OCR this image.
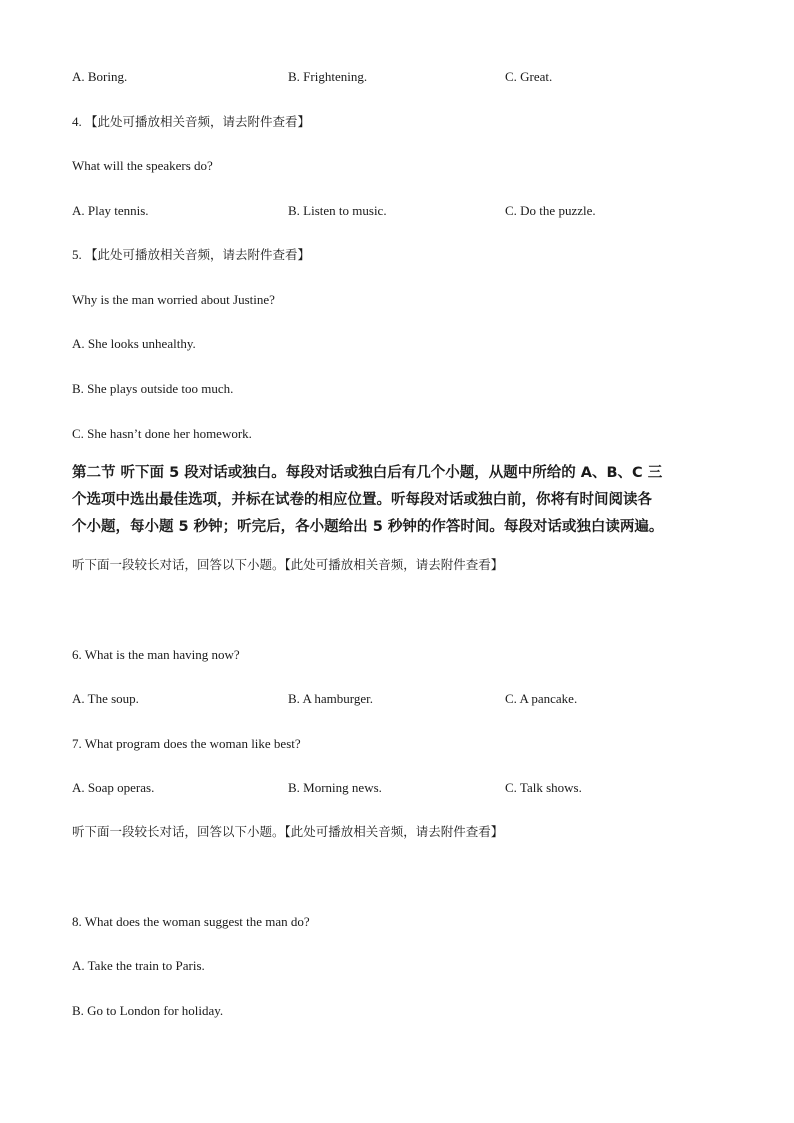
A. Boring.	B. Frightening.	C. Great.
4. 【此处可播放相关音频，请去附件查看】
What will the speakers do?
A. Play tennis.	B. Listen to music.	C. Do the puzzle.
5. 【此处可播放相关音频，请去附件查看】
Why is the man worried about Justine?
A. She looks unhealthy.
B. She plays outside too much.
C. She hasn’t done her homework.
第二节 听下面 5 段对话或独白。每段对话或独白后有几个小题，从题中所给的 A、B、C 三
个选项中选出最佳选项，并标在试卷的相应位置。听每段对话或独白前，你将有时间阅读各
个小题，每小题 5 秒钟；听完后，各小题给出 5 秒钟的作答时间。每段对话或独白读两遍。
听下面一段较长对话，回答以下小题。【此处可播放相关音频，请去附件查看】
6. What is the man having now?
A. The soup.	B. A hamburger.	C. A pancake.
7. What program does the woman like best?
A. Soap operas.	B. Morning news.	C. Talk shows.
听下面一段较长对话，回答以下小题。【此处可播放相关音频，请去附件查看】
8. What does the woman suggest the man do?
A. Take the train to Paris.
B. Go to London for holiday.
